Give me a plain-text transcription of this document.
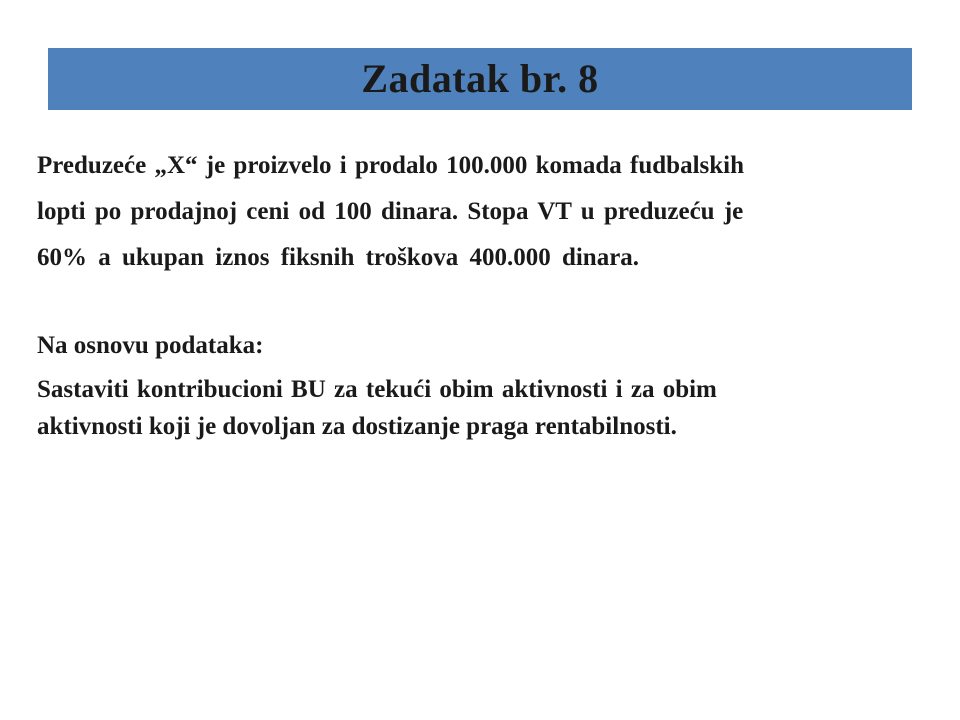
Zadatak br. 8

Preduzeće „X“ je proizvelo i prodalo 100.000 komada fudbalskih
lopti po prodajnoj ceni od 100 dinara. Stopa VT u preduzeću je
60% a ukupan iznos fiksnih troškova 400.000 dinara.

Na osnovu podataka:

Sastaviti kontribucioni BU za tekući obim aktivnosti i za obim
aktivnosti koji je dovoljan za dostizanje praga rentabilnosti.
